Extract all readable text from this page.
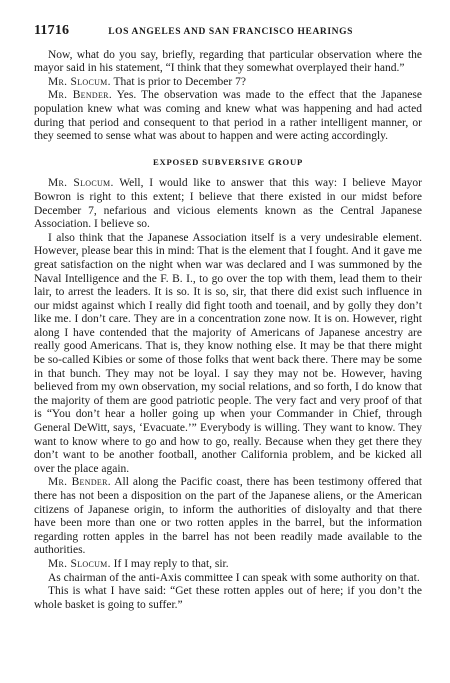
11716	LOS ANGELES AND SAN FRANCISCO HEARINGS

Now, what do you say, briefly, regarding that particular observation where the mayor said in his statement, “I think that they somewhat overplayed their hand.”

Mr. Slocum. That is prior to December 7?

Mr. Bender. Yes. The observation was made to the effect that the Japanese population knew what was coming and knew what was happening and had acted during that period and consequent to that period in a rather intelligent manner, or they seemed to sense what was about to happen and were acting accordingly.

EXPOSED SUBVERSIVE GROUP

Mr. Slocum. Well, I would like to answer that this way: I believe Mayor Bowron is right to this extent; I believe that there existed in our midst before December 7, nefarious and vicious elements known as the Central Japanese Association. I believe so.

I also think that the Japanese Association itself is a very undesirable element. However, please bear this in mind: That is the element that I fought. And it gave me great satisfaction on the night when war was declared and I was summoned by the Naval Intelligence and the F. B. I., to go over the top with them, lead them to their lair, to arrest the leaders. It is so. It is so, sir, that there did exist such influence in our midst against which I really did fight tooth and toenail, and by golly they don’t like me. I don’t care. They are in a concentration zone now. It is on. However, right along I have contended that the majority of Americans of Japanese ancestry are really good Americans. That is, they know nothing else. It may be that there might be so-called Kibies or some of those folks that went back there. There may be some in that bunch. They may not be loyal. I say they may not be. However, having believed from my own observation, my social relations, and so forth, I do know that the majority of them are good patriotic people. The very fact and very proof of that is “You don’t hear a holler going up when your Commander in Chief, through General DeWitt, says, ‘Evacuate.’” Everybody is willing. They want to know. They want to know where to go and how to go, really. Because when they get there they don’t want to be another football, another California problem, and be kicked all over the place again.

Mr. Bender. All along the Pacific coast, there has been testimony offered that there has not been a disposition on the part of the Japanese aliens, or the American citizens of Japanese origin, to inform the authorities of disloyalty and that there have been more than one or two rotten apples in the barrel, but the information regarding rotten apples in the barrel has not been readily made available to the authorities.

Mr. Slocum. If I may reply to that, sir.

As chairman of the anti-Axis committee I can speak with some authority on that.

This is what I have said: “Get these rotten apples out of here; if you don’t the whole basket is going to suffer.”
